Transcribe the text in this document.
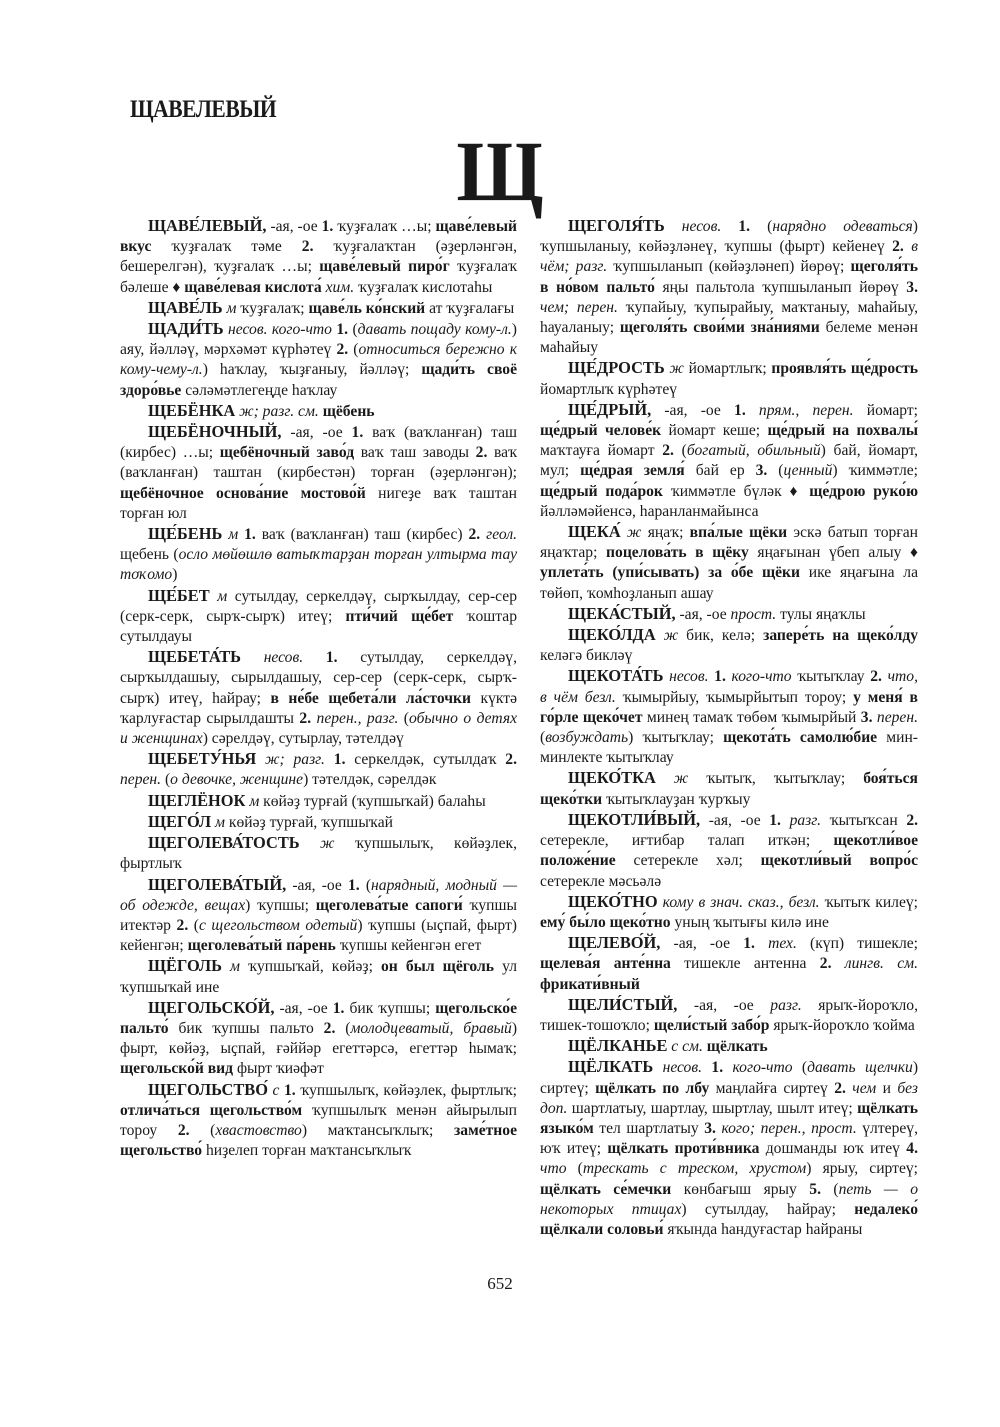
ЩАВЕЛЕВЫЙ
Щ

ЩАВЕ́ЛЕВЫЙ, -ая, -ое 1. ҡуҙғалаҡ …ы; щаве́левый вкус ҡуҙғалаҡ тәме 2. ҡуҙғалаҡтан (әҙерләнгән, бешерелгән), ҡуҙғалаҡ …ы; щаве́левый пиро́г ҡуҙғалаҡ бәлеше ♦ щаве́левая кислота́ хим. ҡуҙғалаҡ кислотаһы

ЩАВЕ́ЛЬ м ҡуҙғалаҡ; щаве́ль ко́нский ат ҡуҙғалағы

ЩАДИ́ТЬ несов. кого-что 1. (давать пощаду кому-л.) аяу, йәлләү, мәрхәмәт күрһәтеү 2. (относиться бережно к кому-чему-л.) һаҡлау, ҡыҙғаныу, йәлләү; щади́ть своё здоро́вье сәләмәтлегеңде һаҡлау

ЩЕБЁНКА ж; разг. см. щёбень

ЩЕБЁНОЧНЫЙ, -ая, -ое 1. ваҡ (ваҡланған) таш (кирбес) …ы; щебёночный заво́д ваҡ таш заводы 2. ваҡ (ваҡланған) таштан (кирбестән) торған (әҙерләнгән); щебёночное основа́ние мостово́й нигеҙе ваҡ таштан торған юл

ЩЕ́БЕНЬ м 1. ваҡ (ваҡланған) таш (кирбес) 2. геол. щебень (осло мөйөшлө ватыҡтарҙан торған ултырма тау тоҡомо)

ЩЕ́БЕТ м сутылдау, серкелдәү, сырҡылдау, сер-сер (серк-серк, сырҡ-сырҡ) итеү; пти́чий ще́бет ҡоштар сутылдауы

ЩЕБЕТА́ТЬ несов. 1. сутылдау, серкелдәү, сырҡылдашыу, сырылдашыу, сер-сер (серк-серк, сырҡ-сырҡ) итеү, һайрау; в не́бе щебета́ли ла́сточки күктә ҡарлуғастар сырылдашты 2. перен., разг. (обычно о детях и женщинах) сәрелдәү, сутырлау, тәтелдәү

ЩЕБЕТУ́НЬЯ ж; разг. 1. серкелдәк, сутылдаҡ 2. перен. (о девочке, женщине) тәтелдәк, сәрелдәк

ЩЕГЛЁНОК м көйәҙ турғай (ҡупшыҡай) балаһы

ЩЕГО́Л м көйәҙ турғай, ҡупшыҡай

ЩЕГОЛЕВА́ТОСТЬ ж ҡупшылыҡ, көйәҙлек, фыртлыҡ

ЩЕГОЛЕВА́ТЫЙ, -ая, -ое 1. (нарядный, модный — об одежде, вещах) ҡупшы; щеголева́тые сапоги́ ҡупшы итектәр 2. (с щегольством одетый) ҡупшы (ыҫпай, фырт) кейенгән; щеголева́тый па́рень ҡупшы кейенгән егет

ЩЁГОЛЬ м ҡупшыҡай, көйәҙ; он был щёголь ул ҡупшыҡай ине

ЩЕГОЛЬСКО́Й, -ая, -ое 1. бик ҡупшы; щегольско́е пальто́ бик ҡупшы пальто 2. (молодцеватый, бравый) фырт, көйәҙ, ыҫпай, ғәййәр егеттәрсә, егеттәр һымаҡ; щегольско́й вид фырт ҡиәфәт

ЩЕГОЛЬСТВО́ с 1. ҡупшылыҡ, көйәҙлек, фыртлыҡ; отлича́ться щегольство́м ҡупшылыҡ менән айырылып тороу 2. (хвастовство) маҡтансыҡлыҡ; заме́тное щегольство́ һиҙелеп торған маҡтансыҡлыҡ

ЩЕГОЛЯ́ТЬ несов. 1. (нарядно одеваться) ҡупшыланыу, көйәҙләнеү, ҡупшы (фырт) кейенеү 2. в чём; разг. ҡупшыланып (көйәҙләнеп) йөрөү; щеголя́ть в но́вом пальто́ яңы пальтола ҡупшыланып йөрөү 3. чем; перен. ҡупайыу, ҡупырайыу, маҡтаныу, маһайыу, һауаланыу; щеголя́ть свои́ми зна́ниями белеме менән маһайыу

ЩЕ́ДРОСТЬ ж йомартлыҡ; проявля́ть ще́дрость йомартлыҡ күрһәтеү

ЩЕ́ДРЫЙ, -ая, -ое 1. прям., перен. йомарт; ще́дрый челове́к йомарт кеше; ще́дрый на похвалы́ маҡтауға йомарт 2. (богатый, обильный) бай, йомарт, мул; ще́драя земля́ бай ер 3. (ценный) ҡиммәтле; ще́дрый пода́рок ҡиммәтле бүләк ♦ ще́дрою руко́ю йәлләмәйенсә, һаранланмайынса

ЩЕКА́ ж яңаҡ; впа́лые щёки эскә батып торған яңаҡтар; поцелова́ть в щёку яңағынан үбеп алыу ♦ уплета́ть (упи́сывать) за о́бе щёки ике яңағына ла төйөп, ҡомһоҙланып ашау

ЩЕКА́СТЫЙ, -ая, -ое прост. тулы яңаҡлы

ЩЕКО́ЛДА ж бик, келә; запере́ть на щеко́лду келәгә бикләү

ЩЕКОТА́ТЬ несов. 1. кого-что ҡытыҡлау 2. что, в чём безл. ҡымырйыу, ҡымырйытып тороу; у меня́ в го́рле щеко́чет минең тамаҡ төбөм ҡымырйый 3. перен. (возбуждать) ҡытыҡлау; щекота́ть самолю́бие мин-минлекте ҡытыҡлау

ЩЕКО́ТКА ж ҡытыҡ, ҡытыҡлау; боя́ться щеко́тки ҡытыҡлауҙан ҡурҡыу

ЩЕКОТЛИ́ВЫЙ, -ая, -ое 1. разг. ҡытыҡсан 2. сетерекле, иғтибар талап иткән; щекотли́вое положе́ние сетерекле хәл; щекотли́вый вопро́с сетерекле мәсьәлә

ЩЕКО́ТНО кому в знач. сказ., безл. ҡытыҡ килеү; ему́ бы́ло щеко́тно уның ҡытығы килә ине

ЩЕЛЕВО́Й, -ая, -ое 1. тех. (күп) тишекле; щелева́я анте́нна тишекле антенна 2. лингв. см. фрикати́вный

ЩЕЛИ́СТЫЙ, -ая, -ое разг. ярыҡ-йороҡло, тишек-тошоҡло; щели́стый забо́р ярыҡ-йороҡло ҡойма

ЩЁЛКАНЬЕ с см. щёлкать

ЩЁЛКАТЬ несов. 1. кого-что (давать щелчки) сиртеү; щёлкать по лбу маңлайға сиртеү 2. чем и без доп. шартлатыу, шартлау, шыртлау, шылт итеү; щёлкать языко́м тел шартлатыу 3. кого; перен., прост. үлтереү, юҡ итеү; щёлкать проти́вника дошманды юҡ итеү 4. что (трескать с треском, хрустом) ярыу, сиртеү; щёлкать се́мечки көнбағыш ярыу 5. (петь — о некоторых птицах) сутылдау, һайрау; недалеко́ щёлкали соловьи́ яҡында һандуғастар һайраны

652
